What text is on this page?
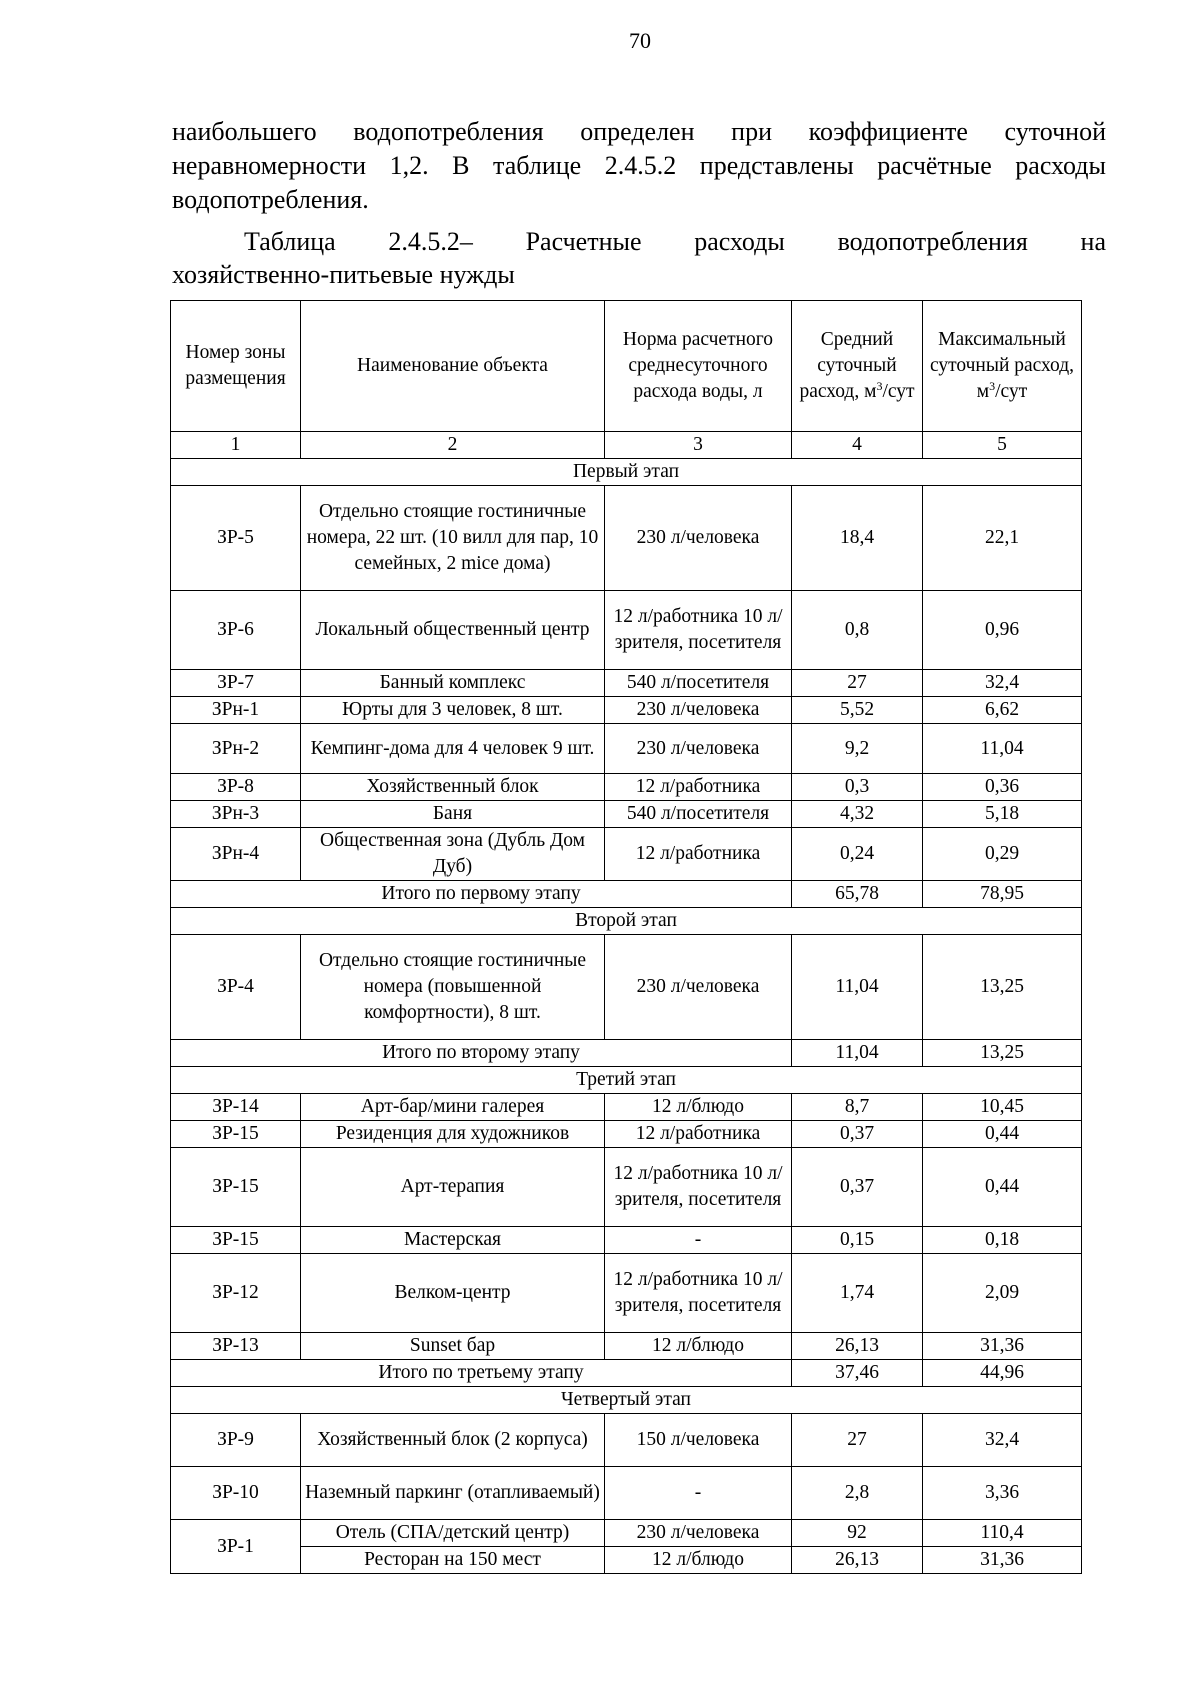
70

наибольшего водопотребления определен при коэффициенте суточной неравномерности 1,2. В таблице 2.4.5.2 представлены расчётные расходы водопотребления.

Таблица 2.4.5.2– Расчетные расходы водопотребления на
хозяйственно-питьевые нужды
Номер зоны размещения	Наименование объекта	Норма расчетного среднесуточного расхода воды, л	Средний суточный расход, $м^3$/сут	Максимальный суточный расход, $м^3$/сут
1	2	3	4	5
Первый этап				
ЗР-5	Отдельно стоящие гостиничные номера, 22 шт. (10 вилл для пар, 10 семейных, 2 mice дома)	230 л/человека	18,4	22,1
ЗР-6	Локальный общественный центр	12 л/работника 10 л/зрителя, посетителя	0,8	0,96
ЗР-7	Банный комплекс	540 л/посетителя	27	32,4
ЗРн-1	Юрты для 3 человек, 8 шт.	230 л/человека	5,52	6,62
ЗРн-2	Кемпинг-дома для 4 человек 9 шт.	230 л/человека	9,2	11,04
ЗР-8	Хозяйственный блок	12 л/работника	0,3	0,36
ЗРн-3	Баня	540 л/посетителя	4,32	5,18
ЗРн-4	Общественная зона (Дубль Дом Дуб)	12 л/работника	0,24	0,29
Итого по первому этапу			65,78	78,95
Второй этап				
ЗР-4	Отдельно стоящие гостиничные номера (повышенной комфортности), 8 шт.	230 л/человека	11,04	13,25
Итого по второму этапу			11,04	13,25
Третий этап				
ЗР-14	Арт-бар/мини галерея	12 л/блюдо	8,7	10,45
ЗР-15	Резиденция для художников	12 л/работника	0,37	0,44
ЗР-15	Арт-терапия	12 л/работника 10 л/зрителя, посетителя	0,37	0,44
ЗР-15	Мастерская	-	0,15	0,18
ЗР-12	Велком-центр	12 л/работника 10 л/зрителя, посетителя	1,74	2,09
ЗР-13	Sunset бар	12 л/блюдо	26,13	31,36
Итого по третьему этапу			37,46	44,96
Четвертый этап				
ЗР-9	Хозяйственный блок (2 корпуса)	150 л/человека	27	32,4
ЗР-10	Наземный паркинг (отапливаемый)	-	2,8	3,36
ЗР-1	Отель (СПА/детский центр)	230 л/человека	92	110,4
	Ресторан на 150 мест	12 л/блюдо	26,13	31,36
